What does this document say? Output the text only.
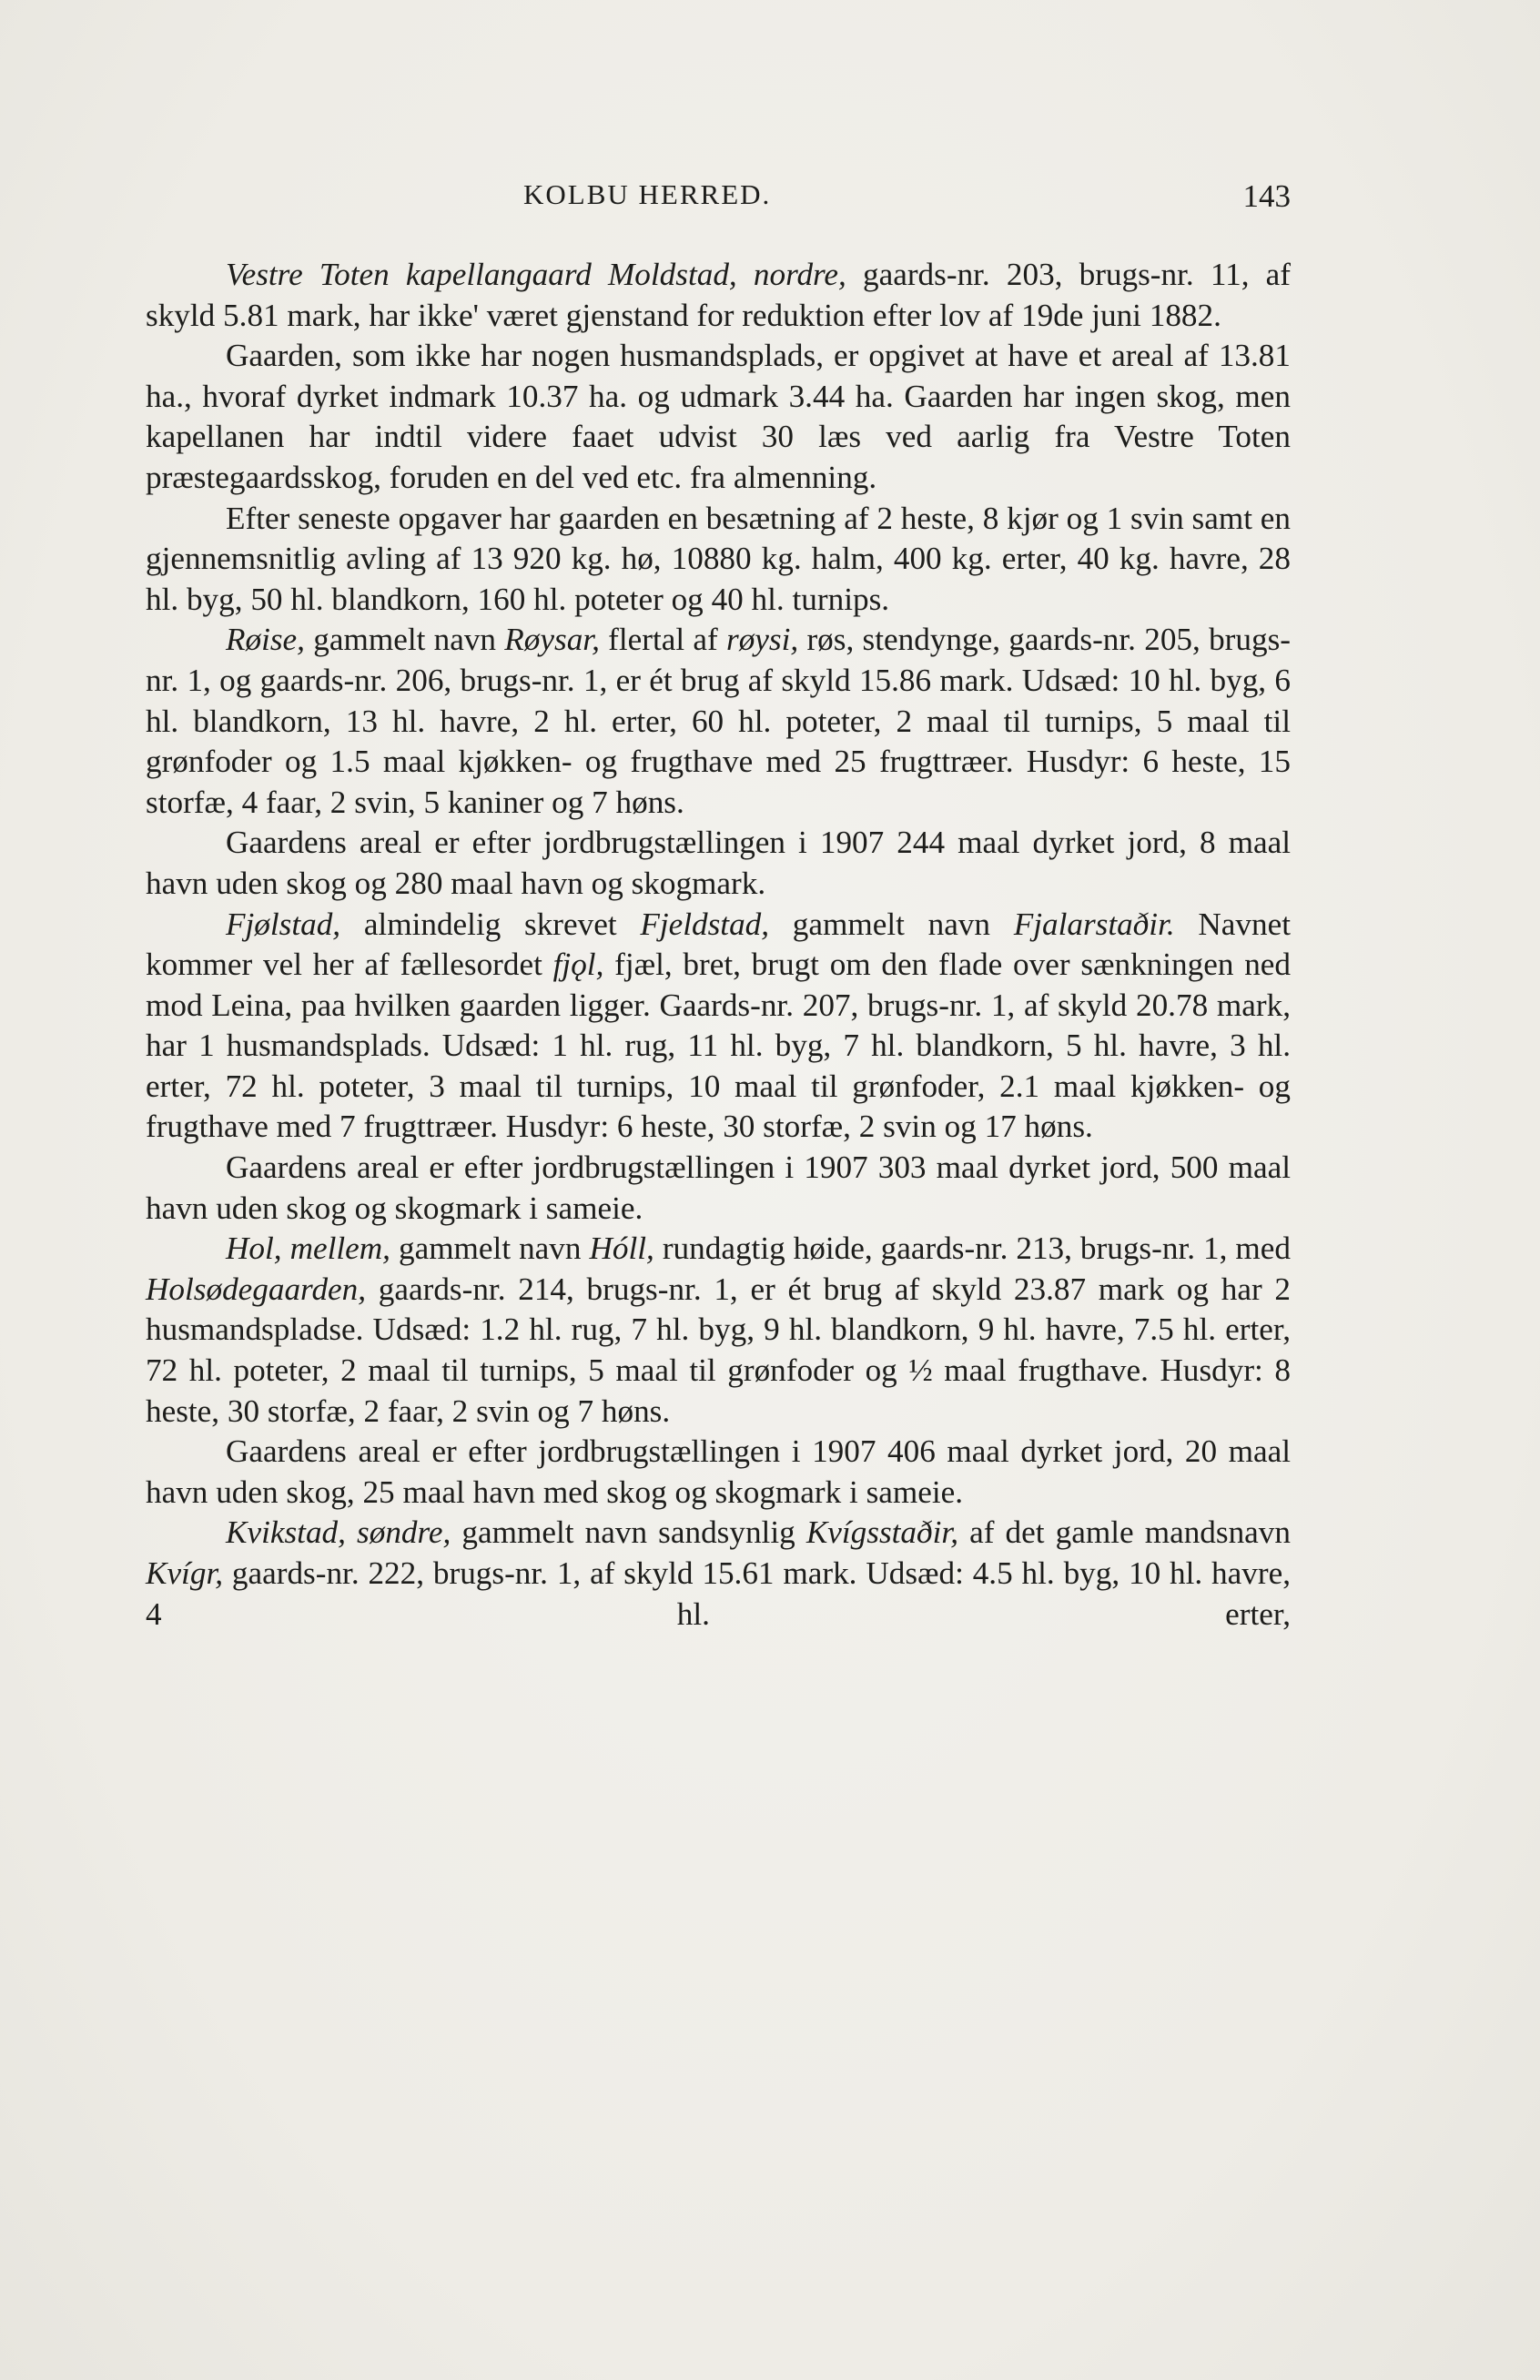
KOLBU HERRED.	143

Vestre Toten kapellangaard Moldstad, nordre, gaards-nr. 203, brugs-nr. 11, af skyld 5.81 mark, har ikke' været gjenstand for reduktion efter lov af 19de juni 1882.

Gaarden, som ikke har nogen husmandsplads, er opgivet at have et areal af 13.81 ha., hvoraf dyrket indmark 10.37 ha. og udmark 3.44 ha. Gaarden har ingen skog, men kapellanen har indtil videre faaet udvist 30 læs ved aarlig fra Vestre Toten præstegaardsskog, foruden en del ved etc. fra almenning.

Efter seneste opgaver har gaarden en besætning af 2 heste, 8 kjør og 1 svin samt en gjennemsnitlig avling af 13 920 kg. hø, 10880 kg. halm, 400 kg. erter, 40 kg. havre, 28 hl. byg, 50 hl. blandkorn, 160 hl. poteter og 40 hl. turnips.

Røise, gammelt navn Røysar, flertal af røysi, røs, stendynge, gaards-nr. 205, brugs-nr. 1, og gaards-nr. 206, brugs-nr. 1, er ét brug af skyld 15.86 mark. Udsæd: 10 hl. byg, 6 hl. blandkorn, 13 hl. havre, 2 hl. erter, 60 hl. poteter, 2 maal til turnips, 5 maal til grønfoder og 1.5 maal kjøkken- og frugthave med 25 frugttræer. Husdyr: 6 heste, 15 storfæ, 4 faar, 2 svin, 5 kaniner og 7 høns.

Gaardens areal er efter jordbrugstællingen i 1907 244 maal dyrket jord, 8 maal havn uden skog og 280 maal havn og skogmark.

Fjølstad, almindelig skrevet Fjeldstad, gammelt navn Fjalarstaðir. Navnet kommer vel her af fællesordet fjǫl, fjæl, bret, brugt om den flade over sænkningen ned mod Leina, paa hvilken gaarden ligger. Gaards-nr. 207, brugs-nr. 1, af skyld 20.78 mark, har 1 husmandsplads. Udsæd: 1 hl. rug, 11 hl. byg, 7 hl. blandkorn, 5 hl. havre, 3 hl. erter, 72 hl. poteter, 3 maal til turnips, 10 maal til grønfoder, 2.1 maal kjøkken- og frugthave med 7 frugttræer. Husdyr: 6 heste, 30 storfæ, 2 svin og 17 høns.

Gaardens areal er efter jordbrugstællingen i 1907 303 maal dyrket jord, 500 maal havn uden skog og skogmark i sameie.

Hol, mellem, gammelt navn Hóll, rundagtig høide, gaards-nr. 213, brugs-nr. 1, med Holsødegaarden, gaards-nr. 214, brugs-nr. 1, er ét brug af skyld 23.87 mark og har 2 husmandspladse. Udsæd: 1.2 hl. rug, 7 hl. byg, 9 hl. blandkorn, 9 hl. havre, 7.5 hl. erter, 72 hl. poteter, 2 maal til turnips, 5 maal til grønfoder og ½ maal frugthave. Husdyr: 8 heste, 30 storfæ, 2 faar, 2 svin og 7 høns.

Gaardens areal er efter jordbrugstællingen i 1907 406 maal dyrket jord, 20 maal havn uden skog, 25 maal havn med skog og skogmark i sameie.

Kvikstad, søndre, gammelt navn sandsynlig Kvígsstaðir, af det gamle mandsnavn Kvígr, gaards-nr. 222, brugs-nr. 1, af skyld 15.61 mark. Udsæd: 4.5 hl. byg, 10 hl. havre, 4 hl. erter,
